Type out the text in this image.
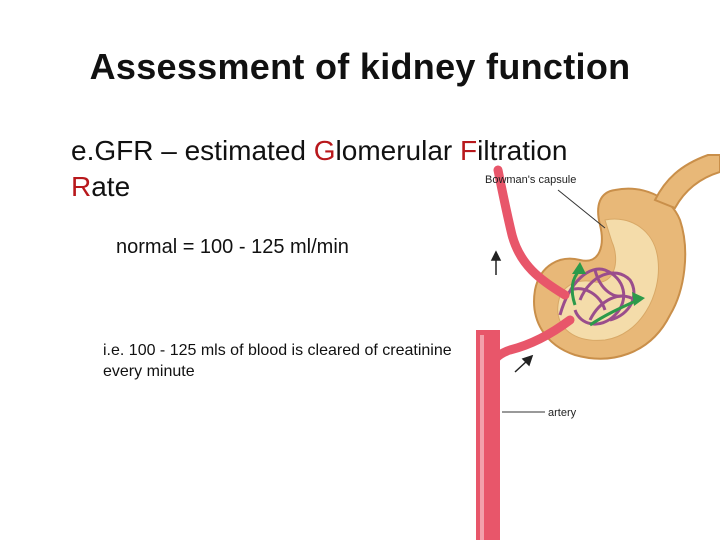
Assessment of kidney function
e.GFR – estimated Glomerular Filtration
Rate
normal = 100 - 125 ml/min
i.e. 100 - 125 mls of blood is cleared of creatinine every minute
Bowman's capsule
artery
